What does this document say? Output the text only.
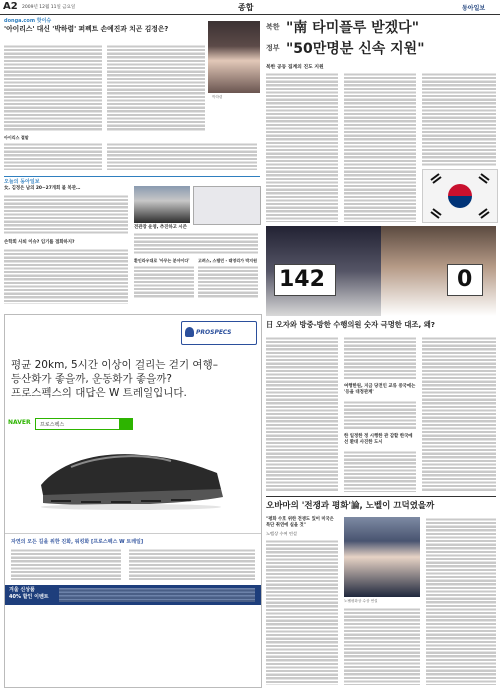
A2 2009년 12월 11일 금요일	종합	동아일보
donga.com 핫이슈
'아이리스' 대신 '박하렴' 퍼펙트 손예진과 치곤 김정은?
박하렴
아이리스 결말
오늘의 동아일보
女, 김정은 남의 20~27개회 불 복관…
전관장 운영, 추진하고 시즌
손학회 사퇴 이슈? 임기를 접화하지?
환인라우대로 '아무는 분야이다'	고려스, 스템민 - 태영리가 박지원
PROSPECS
평균 20km, 5시간 이상이 걸리는 걷기 여행–
등산화가 좋을까, 운동화가 좋을까?
프로스펙스의 대답은 W 트레일입니다.
NAVER 프로스펙스
자연의 모든 길을 위한 진화, 워킹화 [프로스펙스 W 트레일]
겨울 신상품
40% 할인 이벤트
북한 "南 타미플루 받겠다"
정부 "50만명분 신속 지원"
북한 공동 집계의 진도 지원
142	0
日 오자와 방중-방한 수행의원 숫자 극명한 대조, 왜?
여행한원, 지금 당전인 교류 중국에는 '등을 대정관계'
한 일정한 정 시행한 관 감할 한국에선 환대 사진한 도시
오바마의 '전쟁과 평화'論, 노벨이 끄덕였을까
"평화 수호 위한 전쟁도 있어 미국은 특단 취연에 실을 것"
노벨상 수여 연설
노벨평화상 수상 연설
